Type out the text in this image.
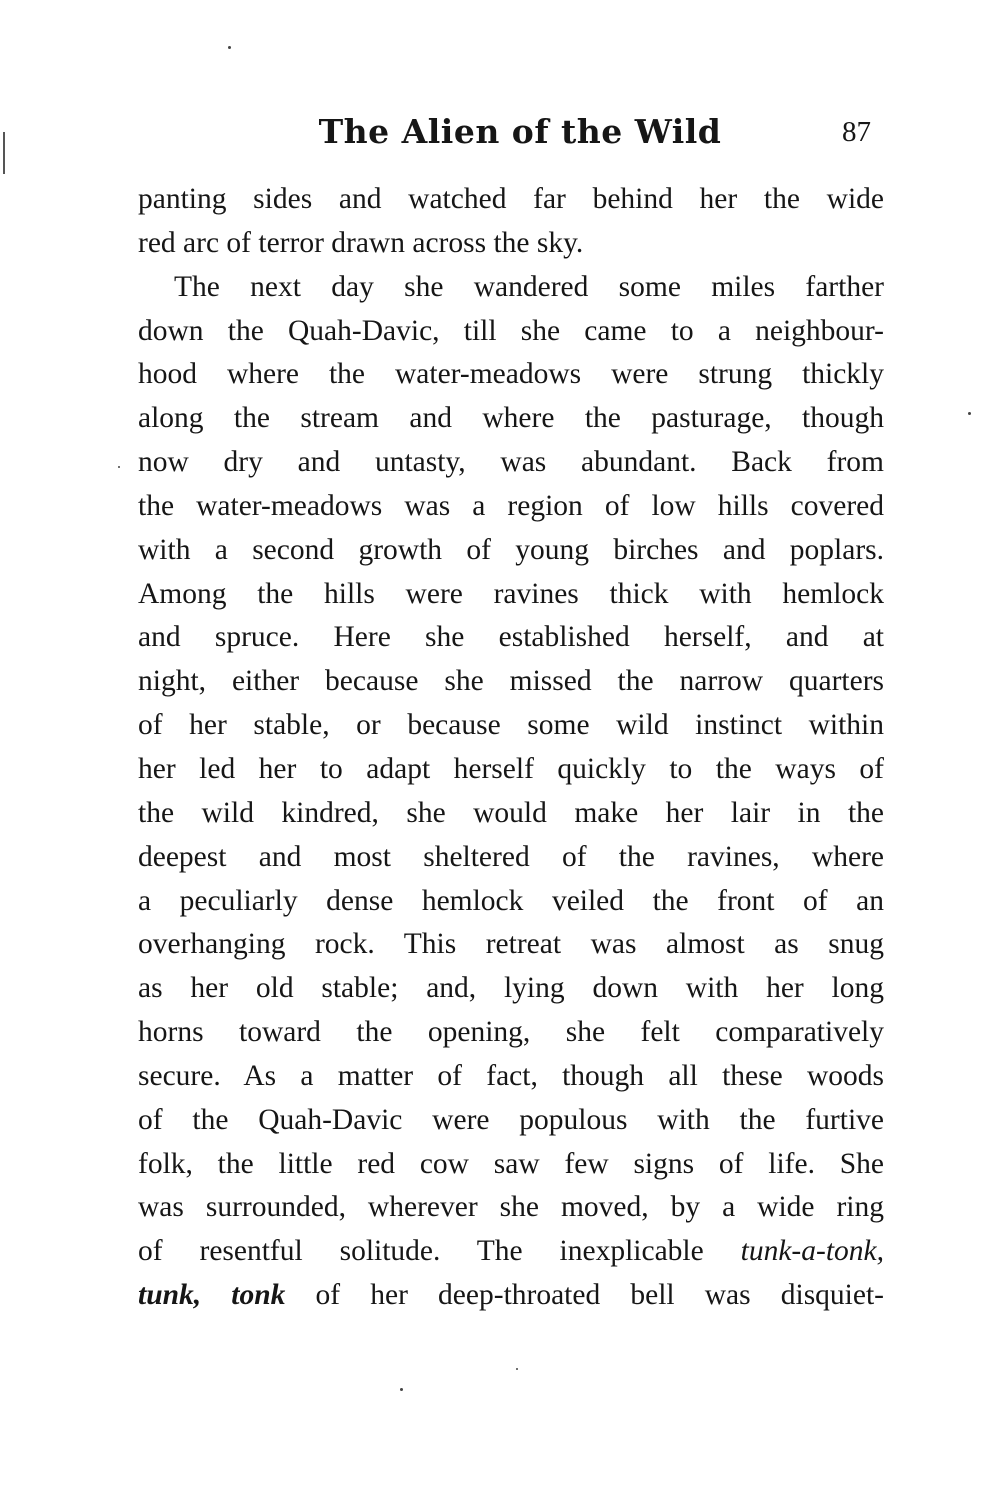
The Alien of the Wild	87
panting sides and watched far behind her the wide
red arc of terror drawn across the sky.
The next day she wandered some miles farther
down the Quah-Davic, till she came to a neighbour-
hood where the water-meadows were strung thickly
along the stream and where the pasturage, though
now dry and untasty, was abundant. Back from
the water-meadows was a region of low hills covered
with a second growth of young birches and poplars.
Among the hills were ravines thick with hemlock
and spruce. Here she established herself, and at
night, either because she missed the narrow quarters
of her stable, or because some wild instinct within
her led her to adapt herself quickly to the ways of
the wild kindred, she would make her lair in the
deepest and most sheltered of the ravines, where
a peculiarly dense hemlock veiled the front of an
overhanging rock. This retreat was almost as snug
as her old stable; and, lying down with her long
horns toward the opening, she felt comparatively
secure. As a matter of fact, though all these woods
of the Quah-Davic were populous with the furtive
folk, the little red cow saw few signs of life. She
was surrounded, wherever she moved, by a wide ring
of resentful solitude. The inexplicable tunk-a-tonk,
tunk, tonk of her deep-throated bell was disquiet-
